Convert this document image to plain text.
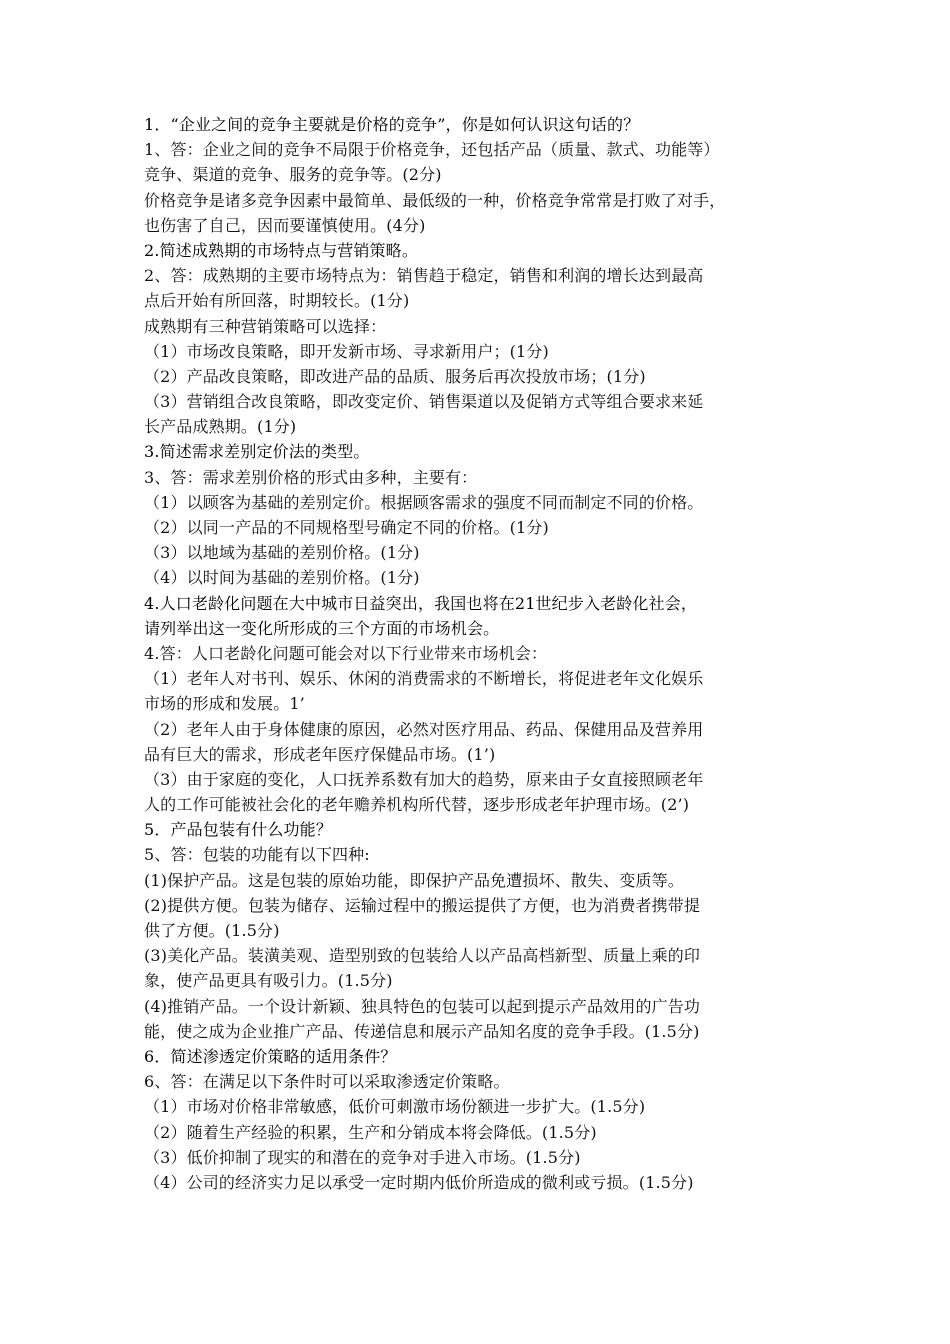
1．“企业之间的竞争主要就是价格的竞争”，你是如何认识这句话的？
1、答：企业之间的竞争不局限于价格竞争，还包括产品（质量、款式、功能等）
竞争、渠道的竞争、服务的竞争等。(2分)
价格竞争是诸多竞争因素中最简单、最低级的一种，价格竞争常常是打败了对手，
也伤害了自己，因而要谨慎使用。(4分)
2.简述成熟期的市场特点与营销策略。
2、答：成熟期的主要市场特点为：销售趋于稳定，销售和利润的增长达到最高
点后开始有所回落，时期较长。(1分)
成熟期有三种营销策略可以选择：
（1）市场改良策略，即开发新市场、寻求新用户；(1分)
（2）产品改良策略，即改进产品的品质、服务后再次投放市场；(1分)
（3）营销组合改良策略，即改变定价、销售渠道以及促销方式等组合要求来延
长产品成熟期。(1分)
3.简述需求差别定价法的类型。
3、答：需求差别价格的形式由多种，主要有：
（1）以顾客为基础的差别定价。根据顾客需求的强度不同而制定不同的价格。
（2）以同一产品的不同规格型号确定不同的价格。(1分)
（3）以地域为基础的差别价格。(1分)
（4）以时间为基础的差别价格。(1分)
4.人口老龄化问题在大中城市日益突出，我国也将在21世纪步入老龄化社会，
请列举出这一变化所形成的三个方面的市场机会。
4.答：人口老龄化问题可能会对以下行业带来市场机会：
（1）老年人对书刊、娱乐、休闲的消费需求的不断增长，将促进老年文化娱乐
市场的形成和发展。1’
（2）老年人由于身体健康的原因，必然对医疗用品、药品、保健用品及营养用
品有巨大的需求，形成老年医疗保健品市场。(1’)
（3）由于家庭的变化，人口抚养系数有加大的趋势，原来由子女直接照顾老年
人的工作可能被社会化的老年赡养机构所代替，逐步形成老年护理市场。(2’)
5．产品包装有什么功能？
5、答：包装的功能有以下四种:
(1)保护产品。这是包装的原始功能，即保护产品免遭损坏、散失、变质等。
(2)提供方便。包装为储存、运输过程中的搬运提供了方便，也为消费者携带提
供了方便。(1.5分)
(3)美化产品。装潢美观、造型别致的包装给人以产品高档新型、质量上乘的印
象，使产品更具有吸引力。(1.5分)
(4)推销产品。一个设计新颖、独具特色的包装可以起到提示产品效用的广告功
能，使之成为企业推广产品、传递信息和展示产品知名度的竞争手段。(1.5分)
6．简述渗透定价策略的适用条件？
6、答：在满足以下条件时可以采取渗透定价策略。
（1）市场对价格非常敏感，低价可刺激市场份额进一步扩大。(1.5分)
（2）随着生产经验的积累，生产和分销成本将会降低。(1.5分)
（3）低价抑制了现实的和潜在的竞争对手进入市场。(1.5分)
（4）公司的经济实力足以承受一定时期内低价所造成的微利或亏损。(1.5分)
